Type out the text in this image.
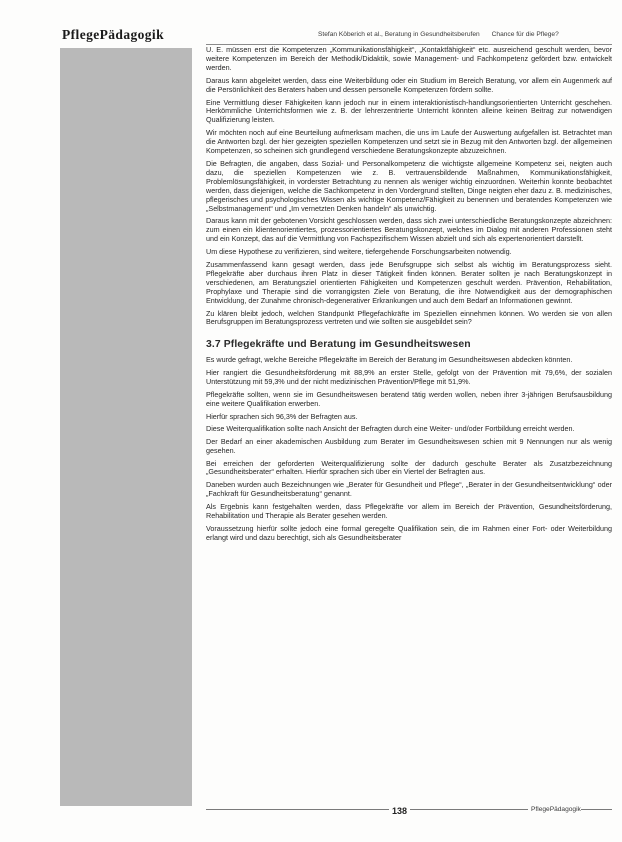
PflegePädagogik	Stefan Köberich et al., Beratung in Gesundheitsberufen Chance für die Pflege?

U. E. müssen erst die Kompetenzen „Kommunikationsfähigkeit“, „Kontaktfähigkeit“ etc. ausreichend geschult werden, bevor weitere Kompetenzen im Bereich der Methodik/Didaktik, sowie Management- und Fachkompetenz gefördert bzw. entwickelt werden.

Daraus kann abgeleitet werden, dass eine Weiterbildung oder ein Studium im Bereich Beratung, vor allem ein Augenmerk auf die Persönlichkeit des Beraters haben und dessen personelle Kompetenzen fördern sollte.

Eine Vermittlung dieser Fähigkeiten kann jedoch nur in einem interaktionistisch-handlungsorientierten Unterricht geschehen. Herkömmliche Unterrichtsformen wie z. B. der lehrerzentrierte Unterricht könnten alleine keinen Beitrag zur notwendigen Qualifizierung leisten.

Wir möchten noch auf eine Beurteilung aufmerksam machen, die uns im Laufe der Auswertung aufgefallen ist. Betrachtet man die Antworten bzgl. der hier gezeigten speziellen Kompetenzen und setzt sie in Bezug mit den Antworten bzgl. der allgemeinen Kompetenzen, so scheinen sich grundlegend verschiedene Beratungskonzepte abzuzeichnen.

Die Befragten, die angaben, dass Sozial- und Personalkompetenz die wichtigste allgemeine Kompetenz sei, neigten auch dazu, die speziellen Kompetenzen wie z. B. vertrauensbildende Maßnahmen, Kommunikationsfähigkeit, Problemlösungsfähigkeit, in vorderster Betrachtung zu nennen als weniger wichtig einzuordnen. Weiterhin konnte beobachtet werden, dass diejenigen, welche die Sachkompetenz in den Vordergrund stellten, Dinge neigten eher dazu z. B. medizinisches, pflegerisches und psychologisches Wissen als wichtige Kompetenz/Fähigkeit zu benennen und beratendes Kompetenzen wie „Selbstmanagement“ und „Im vernetzten Denken handeln“ als unwichtig.

Daraus kann mit der gebotenen Vorsicht geschlossen werden, dass sich zwei unterschiedliche Beratungskonzepte abzeichnen: zum einen ein klientenorientiertes, prozessorientiertes Beratungskonzept, welches im Dialog mit anderen Professionen steht und ein Konzept, das auf die Vermittlung von Fachspezifischem Wissen abzielt und sich als expertenorientiert darstellt.

Um diese Hypothese zu verifizieren, sind weitere, tiefergehende Forschungsarbeiten notwendig.

Zusammenfassend kann gesagt werden, dass jede Berufsgruppe sich selbst als wichtig im Beratungsprozess sieht. Pflegekräfte aber durchaus ihren Platz in dieser Tätigkeit finden können. Berater sollten je nach Beratungskonzept in verschiedenen, am Beratungsziel orientierten Fähigkeiten und Kompetenzen geschult werden. Prävention, Rehabilitation, Prophylaxe und Therapie sind die vorrangigsten Ziele von Beratung, die ihre Notwendigkeit aus der demographischen Entwicklung, der Zunahme chronisch-degenerativer Erkrankungen und auch dem Bedarf an Informationen gewinnt.

Zu klären bleibt jedoch, welchen Standpunkt Pflegefachkräfte im Speziellen einnehmen können. Wo werden sie von allen Berufsgruppen im Beratungsprozess vertreten und wie sollten sie ausgebildet sein?

3.7 Pflegekräfte und Beratung im Gesundheitswesen

Es wurde gefragt, welche Bereiche Pflegekräfte im Bereich der Beratung im Gesundheitswesen abdecken könnten.

Hier rangiert die Gesundheitsförderung mit 88,9% an erster Stelle, gefolgt von der Prävention mit 79,6%, der sozialen Unterstützung mit 59,3% und der nicht medizinischen Prävention/Pflege mit 51,9%.

Pflegekräfte sollten, wenn sie im Gesundheitswesen beratend tätig werden wollen, neben ihrer 3-jährigen Berufsausbildung eine weitere Qualifikation erwerben.

Hierfür sprachen sich 96,3% der Befragten aus.

Diese Weiterqualifikation sollte nach Ansicht der Befragten durch eine Weiter- und/oder Fortbildung erreicht werden.

Der Bedarf an einer akademischen Ausbildung zum Berater im Gesundheitswesen schien mit 9 Nennungen nur als wenig gesehen.

Bei erreichen der geforderten Weiterqualifizierung sollte der dadurch geschulte Berater als Zusatzbezeichnung „Gesundheitsberater“ erhalten. Hierfür sprachen sich über ein Viertel der Befragten aus.

Daneben wurden auch Bezeichnungen wie „Berater für Gesundheit und Pflege“, „Berater in der Gesundheitsentwicklung“ oder „Fachkraft für Gesundheitsberatung“ genannt.

Als Ergebnis kann festgehalten werden, dass Pflegekräfte vor allem im Bereich der Prävention, Gesundheitsförderung, Rehabilitation und Therapie als Berater gesehen werden.

Voraussetzung hierfür sollte jedoch eine formal geregelte Qualifikation sein, die im Rahmen einer Fort- oder Weiterbildung erlangt wird und dazu berechtigt, sich als Gesundheitsberater

138	PflegePädagogik
